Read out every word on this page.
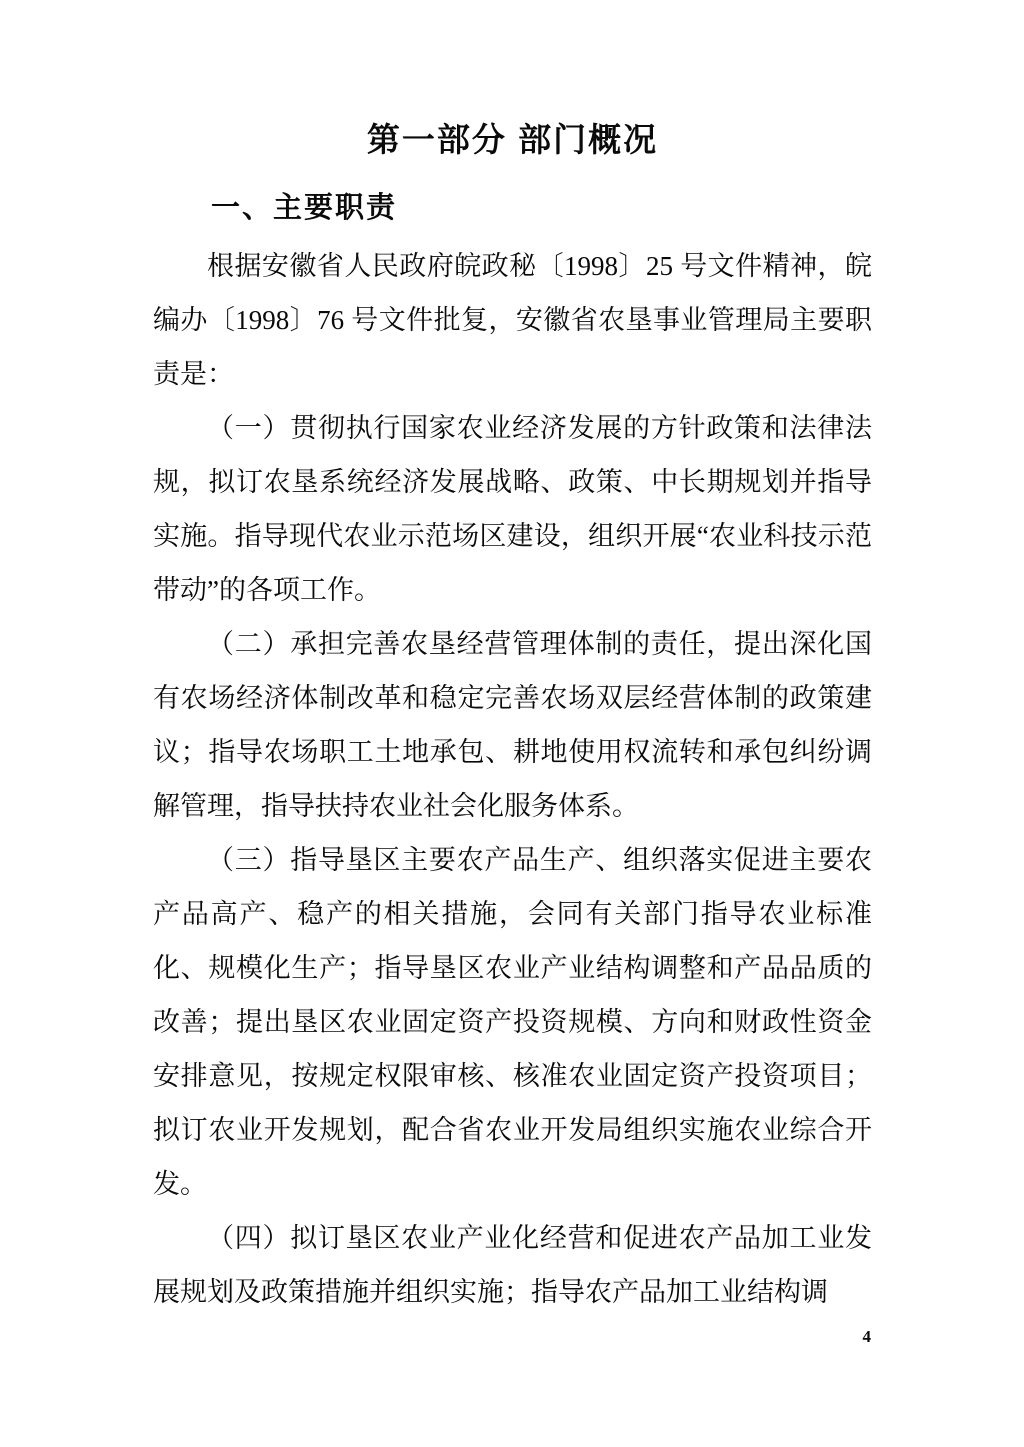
第一部分 部门概况
一、主要职责

根据安徽省人民政府皖政秘〔1998〕25 号文件精神，皖编办〔1998〕76 号文件批复，安徽省农垦事业管理局主要职责是：

（一）贯彻执行国家农业经济发展的方针政策和法律法规，拟订农垦系统经济发展战略、政策、中长期规划并指导实施。指导现代农业示范场区建设，组织开展“农业科技示范带动”的各项工作。

（二）承担完善农垦经营管理体制的责任，提出深化国有农场经济体制改革和稳定完善农场双层经营体制的政策建议；指导农场职工土地承包、耕地使用权流转和承包纠纷调解管理，指导扶持农业社会化服务体系。

（三）指导垦区主要农产品生产、组织落实促进主要农产品高产、稳产的相关措施，会同有关部门指导农业标准化、规模化生产；指导垦区农业产业结构调整和产品品质的改善；提出垦区农业固定资产投资规模、方向和财政性资金安排意见，按规定权限审核、核准农业固定资产投资项目；拟订农业开发规划，配合省农业开发局组织实施农业综合开发。

（四）拟订垦区农业产业化经营和促进农产品加工业发展规划及政策措施并组织实施；指导农产品加工业结构调

4
